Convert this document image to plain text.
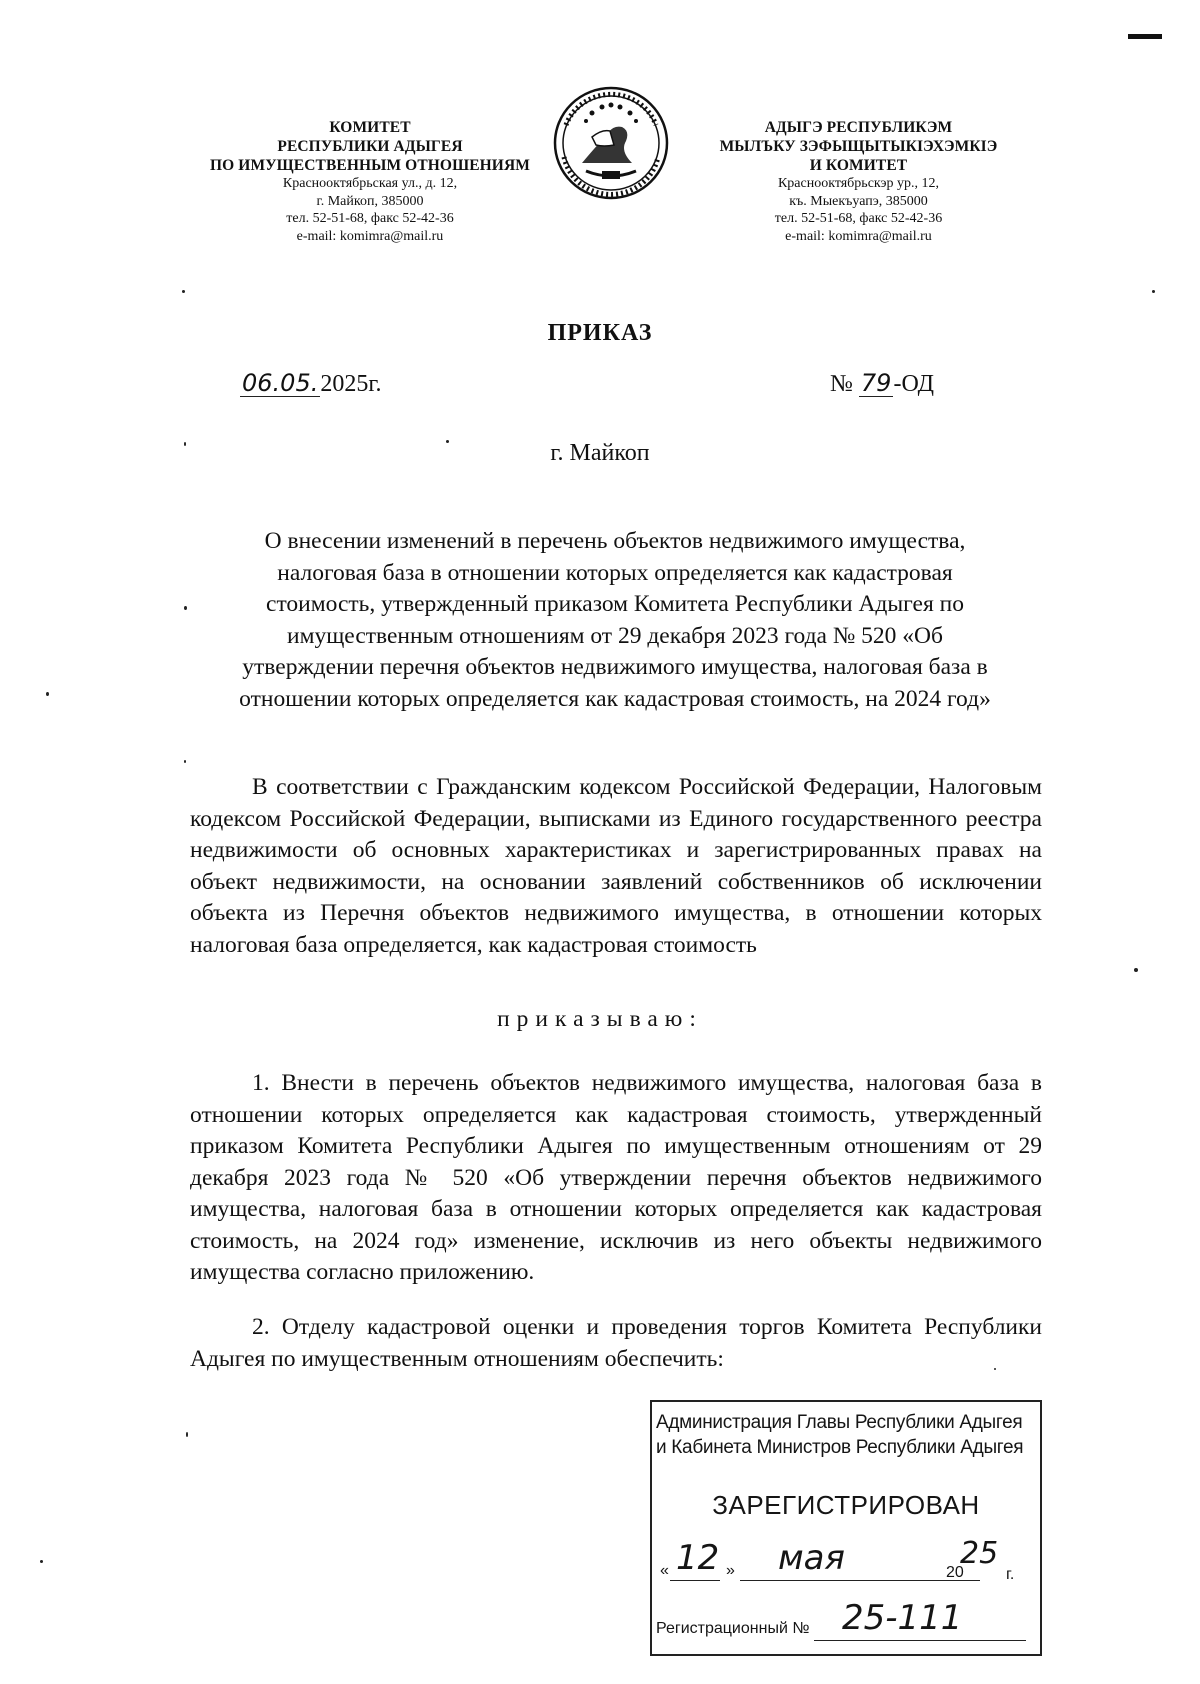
КОМИТЕТ
РЕСПУБЛИКИ АДЫГЕЯ
ПО ИМУЩЕСТВЕННЫМ ОТНОШЕНИЯМ
Краснооктябрьская ул., д. 12,
г. Майкоп, 385000
тел. 52-51-68, факс 52-42-36
e-mail: komimra@mail.ru
АДЫГЭ РЕСПУБЛИКЭМ
МЫЛЪКУ ЗЭФЫЩЫТЫКIЭХЭМКIЭ
И КОМИТЕТ
Краснооктябрьскэр ур., 12,
къ. Мыекъуапэ, 385000
тел. 52-51-68, факс 52-42-36
e-mail: komimra@mail.ru
ПРИКАЗ
06.05.2025г.	№ 79-ОД
г. Майкоп
О внесении изменений в перечень объектов недвижимого имущества,
налоговая база в отношении которых определяется как кадастровая
стоимость, утвержденный приказом Комитета Республики Адыгея по
имущественным отношениям от 29 декабря 2023 года № 520 «Об
утверждении перечня объектов недвижимого имущества, налоговая база в
отношении которых определяется как кадастровая стоимость, на 2024 год»
В соответствии с Гражданским кодексом Российской Федерации, Налоговым кодексом Российской Федерации, выписками из Единого государственного реестра недвижимости об основных характеристиках и зарегистрированных правах на объект недвижимости, на основании заявлений собственников об исключении объекта из Перечня объектов недвижимого имущества, в отношении которых налоговая база определяется, как кадастровая стоимость
приказываю:
1. Внести в перечень объектов недвижимого имущества, налоговая база в отношении которых определяется как кадастровая стоимость, утвержденный приказом Комитета Республики Адыгея по имущественным отношениям от 29 декабря 2023 года № 520 «Об утверждении перечня объектов недвижимого имущества, налоговая база в отношении которых определяется как кадастровая стоимость, на 2024 год» изменение, исключив из него объекты недвижимого имущества согласно приложению.
2. Отделу кадастровой оценки и проведения торгов Комитета Республики Адыгея по имущественным отношениям обеспечить:
Администрация Главы Республики Адыгея
и Кабинета Министров Республики Адыгея
ЗАРЕГИСТРИРОВАН
« 12 » мая	20
25
г.
Регистрационный № 25-111
